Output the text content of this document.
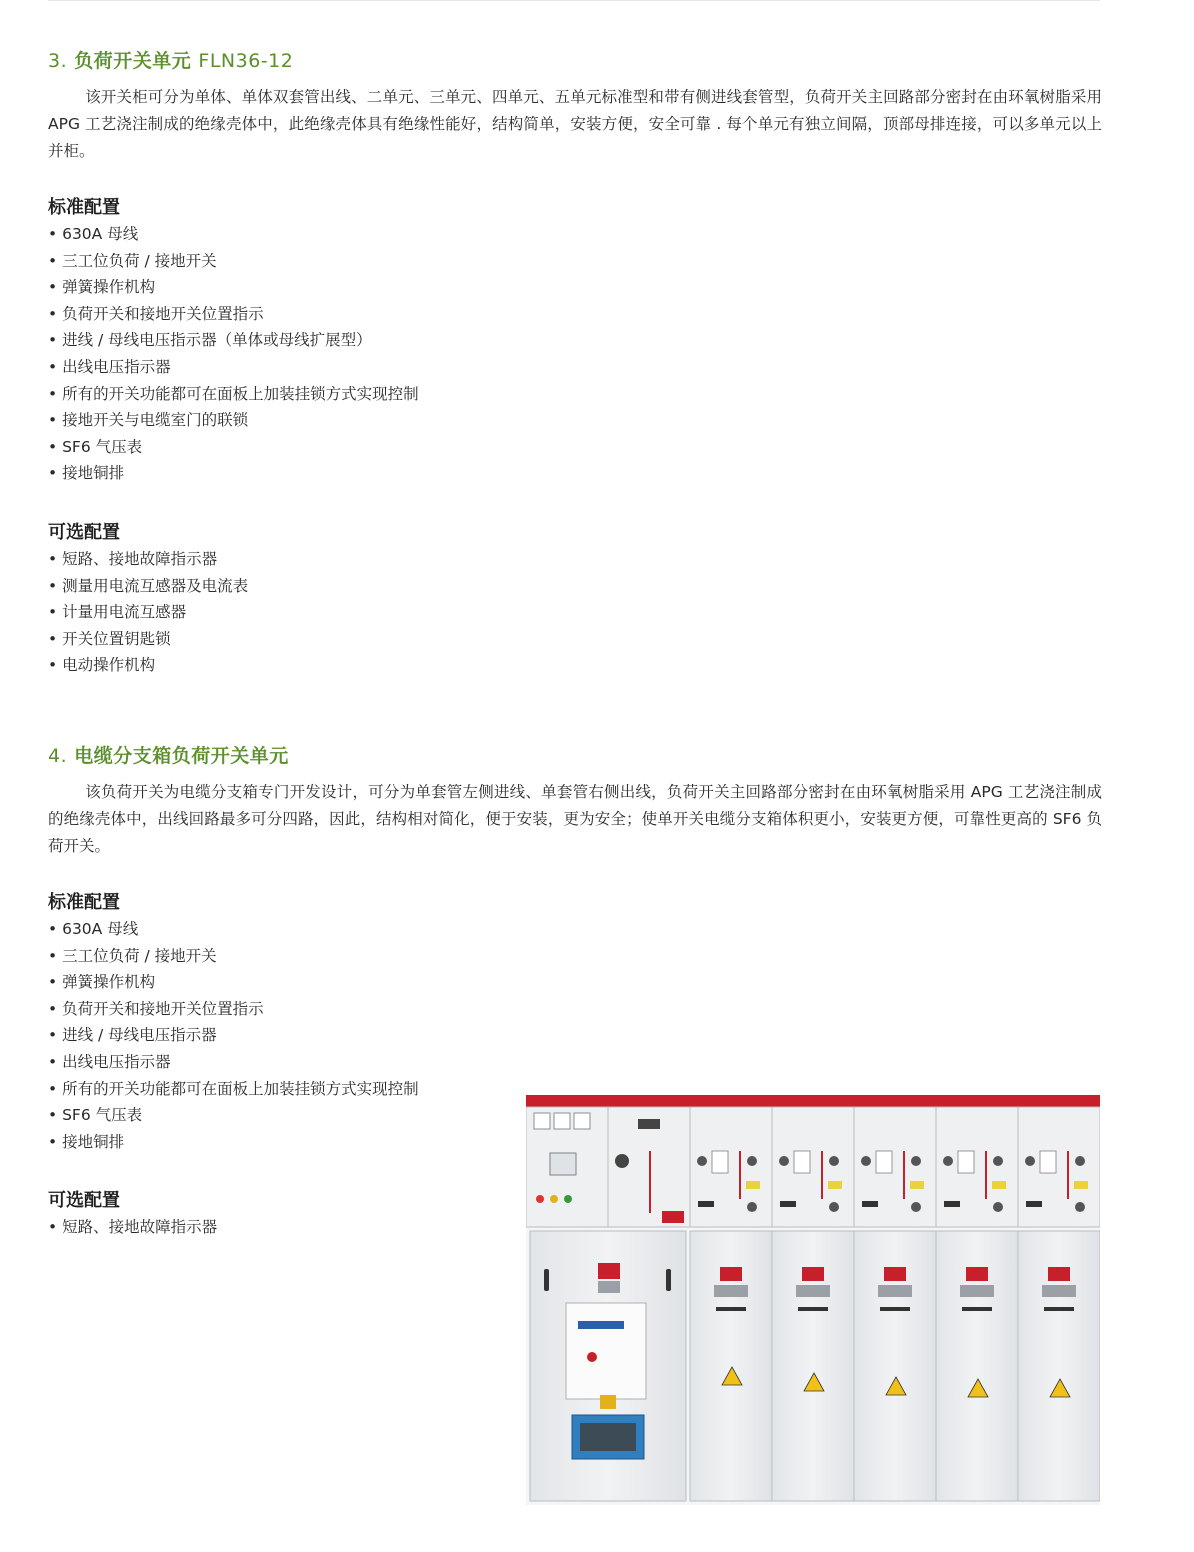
3. 负荷开关单元 FLN36-12

该开关柜可分为单体、单体双套管出线、二单元、三单元、四单元、五单元标准型和带有侧进线套管型，负荷开关主回路部分密封在由环氧树脂采用 APG 工艺浇注制成的绝缘壳体中，此绝缘壳体具有绝缘性能好，结构简单，安装方便，安全可靠 . 每个单元有独立间隔，顶部母排连接，可以多单元以上并柜。

标准配置
• 630A 母线
• 三工位负荷 / 接地开关
• 弹簧操作机构
• 负荷开关和接地开关位置指示
• 进线 / 母线电压指示器（单体或母线扩展型）
• 出线电压指示器
• 所有的开关功能都可在面板上加装挂锁方式实现控制
• 接地开关与电缆室门的联锁
• SF6 气压表
• 接地铜排
可选配置
• 短路、接地故障指示器
• 测量用电流互感器及电流表
• 计量用电流互感器
• 开关位置钥匙锁
• 电动操作机构
4. 电缆分支箱负荷开关单元

该负荷开关为电缆分支箱专门开发设计，可分为单套管左侧进线、单套管右侧出线，负荷开关主回路部分密封在由环氧树脂采用 APG 工艺浇注制成的绝缘壳体中，出线回路最多可分四路，因此，结构相对简化，便于安装，更为安全；使单开关电缆分支箱体积更小，安装更方便，可靠性更高的 SF6 负荷开关。

标准配置
• 630A 母线
• 三工位负荷 / 接地开关
• 弹簧操作机构
• 负荷开关和接地开关位置指示
• 进线 / 母线电压指示器
• 出线电压指示器
• 所有的开关功能都可在面板上加装挂锁方式实现控制
• SF6 气压表
• 接地铜排
可选配置
• 短路、接地故障指示器
